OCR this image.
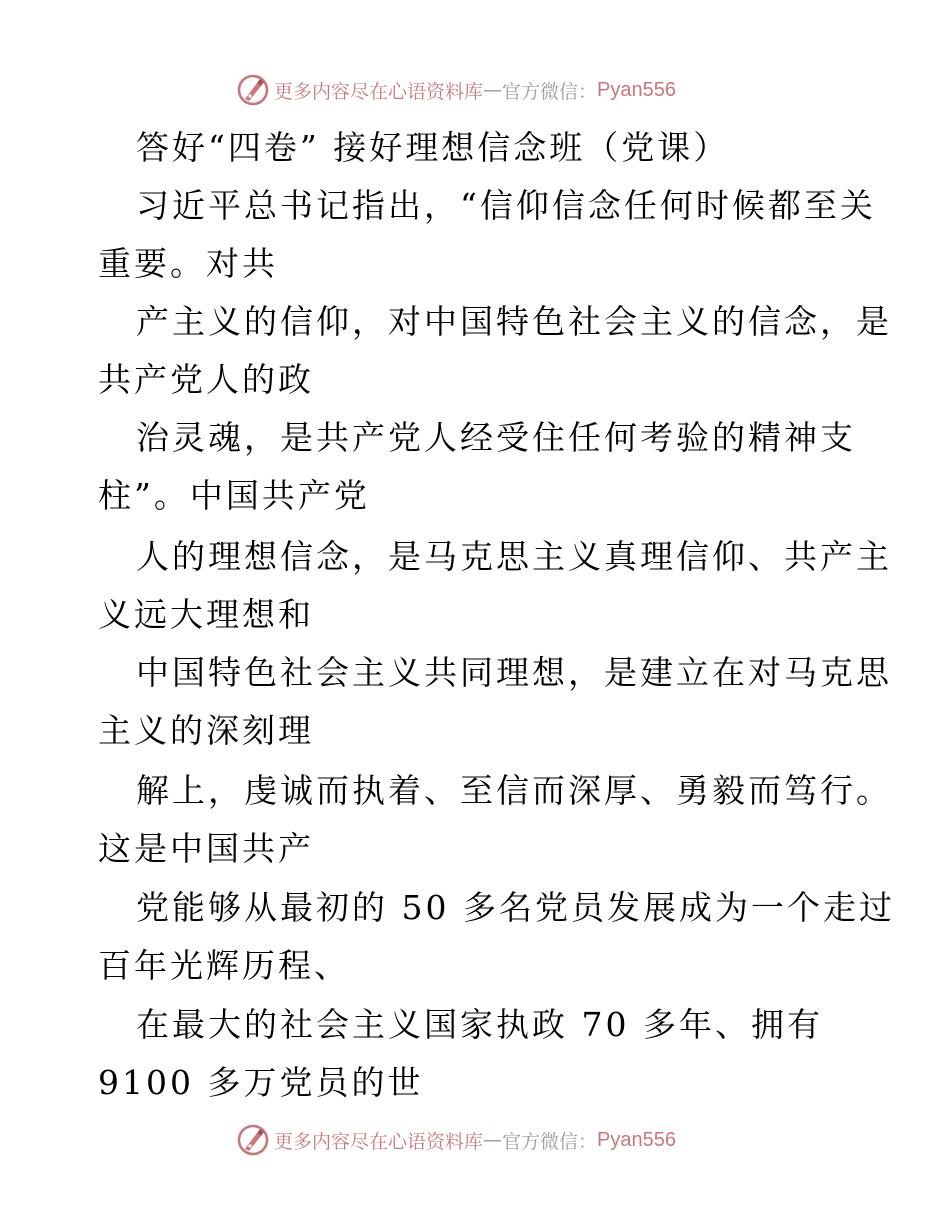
更多内容尽在心语资料库 — 官方微信： Pyan556

答好“四卷” 接好理想信念班（党课）

习近平总书记指出，“信仰信念任何时候都至关

重要。对共

产主义的信仰，对中国特色社会主义的信念，是

共产党人的政

治灵魂，是共产党人经受住任何考验的精神支

柱”。中国共产党

人的理想信念，是马克思主义真理信仰、共产主

义远大理想和

中国特色社会主义共同理想，是建立在对马克思

主义的深刻理

解上，虔诚而执着、至信而深厚、勇毅而笃行。

这是中国共产

党能够从最初的 50 多名党员发展成为一个走过

百年光辉历程、

在最大的社会主义国家执政 70 多年、拥有

9100 多万党员的世

更多内容尽在心语资料库 — 官方微信： Pyan556
